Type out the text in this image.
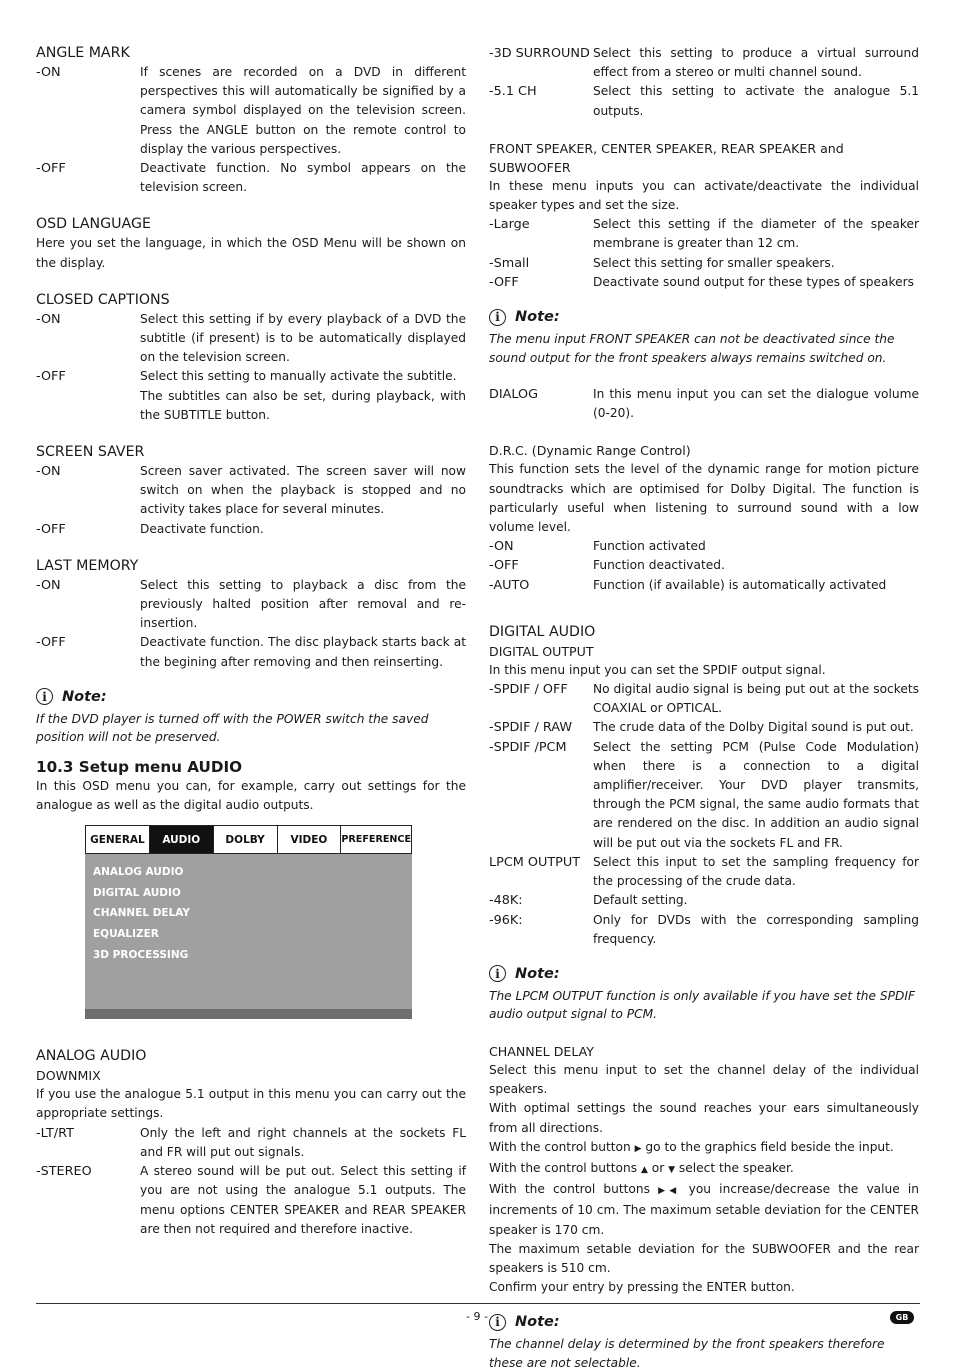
ANGLE MARK
-ON	If scenes are recorded on a DVD in different perspectives this will automatically be signified by a camera symbol displayed on the television screen. Press the ANGLE button on the remote control to display the various perspectives.
-OFF	Deactivate function. No symbol appears on the television screen.
OSD LANGUAGE

Here you set the language, in which the OSD Menu will be shown on the display.

CLOSED CAPTIONS
-ON	Select this setting if by every playback of a DVD the subtitle (if present) is to be automatically displayed on the television screen.
-OFF	Select this setting to manually activate the subtitle.
The subtitles can also be set, during playback, with the SUBTITLE button.
SCREEN SAVER
-ON	Screen saver activated. The screen saver will now switch on when the playback is stopped and no activity takes place for several minutes.
-OFF	Deactivate function.
LAST MEMORY
-ON	Select this setting to playback a disc from the previously halted position after removal and re-insertion.
-OFF	Deactivate function. The disc playback starts back at the begining after removing and then reinserting.
i	Note:

If the DVD player is turned off with the POWER switch the saved position will not be preserved.

10.3 Setup menu AUDIO

In this OSD menu you can, for example, carry out settings for the analogue as well as the digital audio outputs.

GENERAL	AUDIO	DOLBY	VIDEO	PREFERENCE
ANALOG AUDIO
DIGITAL AUDIO
CHANNEL DELAY
EQUALIZER
3D PROCESSING
ANALOG AUDIO
DOWNMIX

If you use the analogue 5.1 output in this menu you can carry out the appropriate settings.

-LT/RT	Only the left and right channels at the sockets FL and FR will put out signals.
-STEREO	A stereo sound will be put out. Select this setting if you are not using the analogue 5.1 outputs. The menu options CENTER SPEAKER and REAR SPEAKER are then not required and therefore inactive.
-3D SURROUND Select this setting to produce a virtual surround effect from a stereo or multi channel sound.
-5.1 CH	Select this setting to activate the analogue 5.1 outputs.
FRONT SPEAKER, CENTER SPEAKER, REAR SPEAKER and SUBWOOFER

In these menu inputs you can activate/deactivate the individual speaker types and set the size.

-Large	Select this setting if the diameter of the speaker membrane is greater than 12 cm.
-Small	Select this setting for smaller speakers.
-OFF	Deactivate sound output for these types of speakers
i	Note:

The menu input FRONT SPEAKER can not be deactivated since the sound output for the front speakers always remains switched on.

DIALOG	In this menu input you can set the dialogue volume (0-20).
D.R.C. (Dynamic Range Control)

This function sets the level of the dynamic range for motion picture soundtracks which are optimised for Dolby Digital. The function is particularly useful when listening to surround sound with a low volume level.

-ON	Function activated
-OFF	Function deactivated.
-AUTO	Function (if available) is automatically activated
DIGITAL AUDIO
DIGITAL OUTPUT

In this menu input you can set the SPDIF output signal.

-SPDIF / OFF	No digital audio signal is being put out at the sockets COAXIAL or OPTICAL.
-SPDIF / RAW	The crude data of the Dolby Digital sound is put out.
-SPDIF /PCM	Select the setting PCM (Pulse Code Modulation) when there is a connection to a digital amplifier/receiver. Your DVD player transmits, through the PCM signal, the same audio formats that are rendered on the disc. In addition an audio signal will be put out via the sockets FL and FR.
LPCM OUTPUT	Select this input to set the sampling frequency for the processing of the crude data.
-48K:	Default setting.
-96K:	Only for DVDs with the corresponding sampling frequency.
i	Note:

The LPCM OUTPUT function is only available if you have set the SPDIF audio output signal to PCM.

CHANNEL DELAY

Select this menu input to set the channel delay of the individual speakers.

With optimal settings the sound reaches your ears simultaneously from all directions.

With the control button ▶ go to the graphics field beside the input.

With the control buttons ▲ or ▼ select the speaker.

With the control buttons ▶◀ you increase/decrease the value in increments of 10 cm. The maximum setable deviation for the CENTER speaker is 170 cm.

The maximum setable deviation for the SUBWOOFER and the rear speakers is 510 cm.

Confirm your entry by pressing the ENTER button.

i	Note:

The channel delay is determined by the front speakers therefore these are not selectable.

- 9 -	GB
